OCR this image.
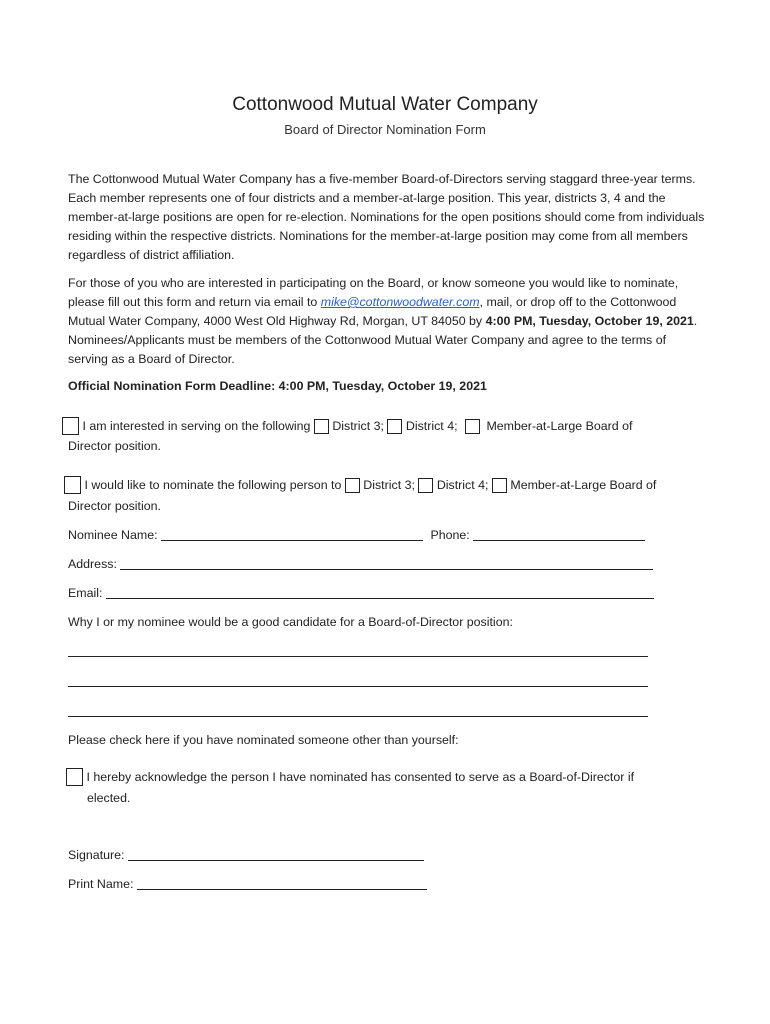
Cottonwood Mutual Water Company
Board of Director Nomination Form

The Cottonwood Mutual Water Company has a five-member Board-of-Directors serving staggard three-year terms. Each member represents one of four districts and a member-at-large position. This year, districts 3, 4 and the member-at-large positions are open for re-election. Nominations for the open positions should come from individuals residing within the respective districts. Nominations for the member-at-large position may come from all members regardless of district affiliation.

For those of you who are interested in participating on the Board, or know someone you would like to nominate, please fill out this form and return via email to mike@cottonwoodwater.com, mail, or drop off to the Cottonwood Mutual Water Company, 4000 West Old Highway Rd, Morgan, UT 84050 by 4:00 PM, Tuesday, October 19, 2021. Nominees/Applicants must be members of the Cottonwood Mutual Water Company and agree to the terms of serving as a Board of Director.

Official Nomination Form Deadline: 4:00 PM, Tuesday, October 19, 2021
I am interested in serving on the following District 3; District 4; Member-at-Large Board of
Director position.
I would like to nominate the following person to District 3; District 4; Member-at-Large Board of
Director position.
Nominee Name:	Phone:
Address:
Email:
Why I or my nominee would be a good candidate for a Board-of-Director position:
Please check here if you have nominated someone other than yourself:
I hereby acknowledge the person I have nominated has consented to serve as a Board-of-Director if
elected.
Signature:
Print Name:
